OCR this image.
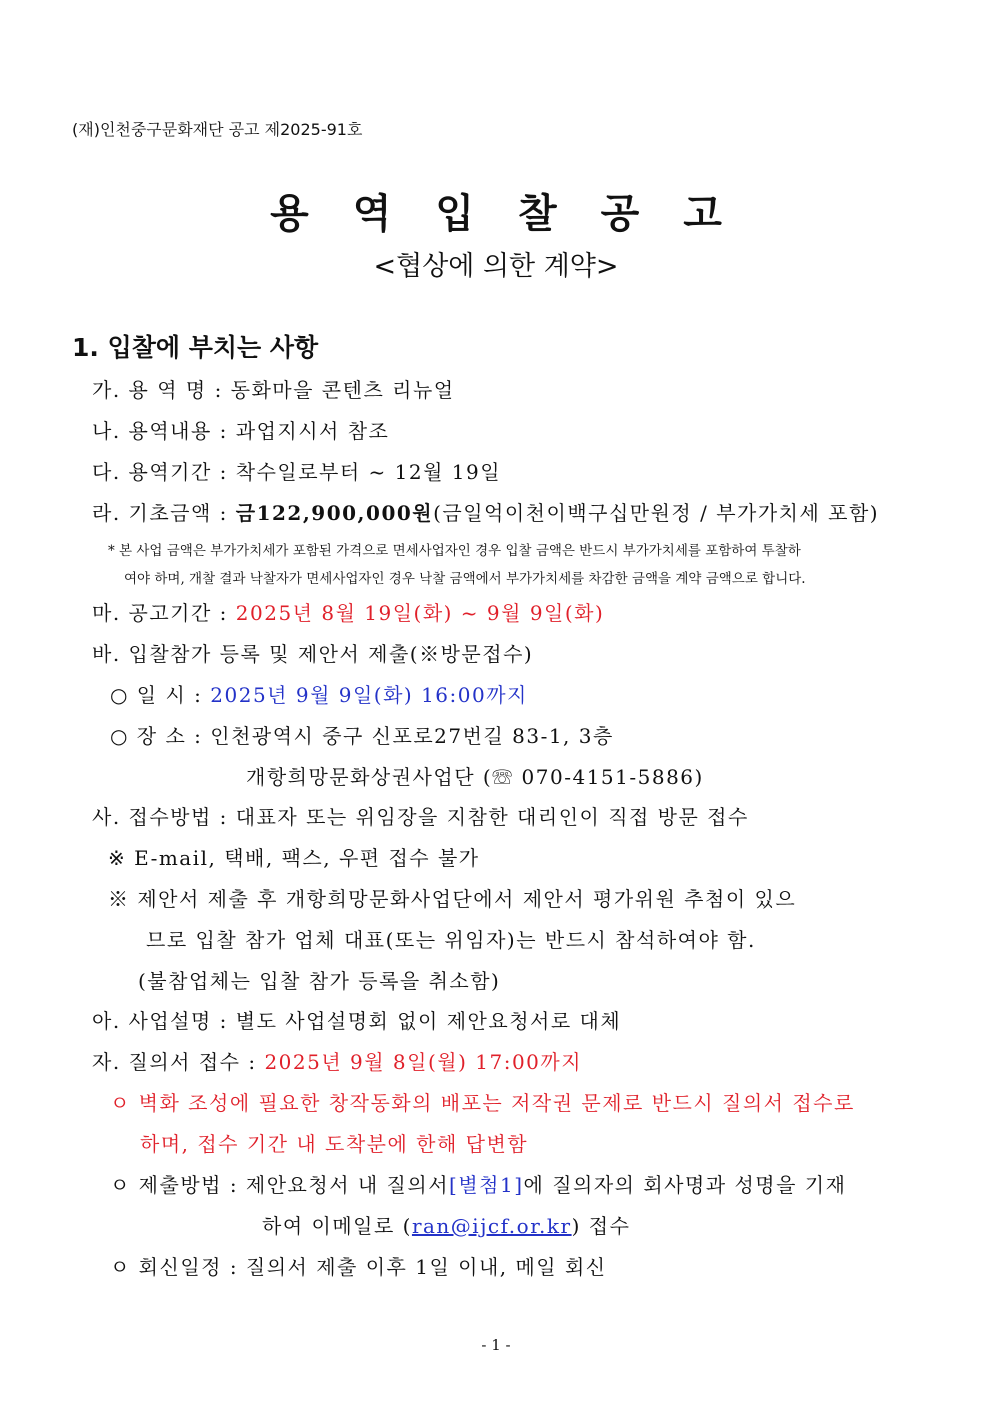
(재)인천중구문화재단 공고 제2025-91호
용역입찰공고
<협상에 의한 계약>
1. 입찰에 부치는 사항
가. 용 역 명 : 동화마을 콘텐츠 리뉴얼
나. 용역내용 : 과업지시서 참조
다. 용역기간 : 착수일로부터 ~ 12월 19일
라. 기초금액 : 금122,900,000원(금일억이천이백구십만원정 / 부가가치세 포함)
* 본 사업 금액은 부가가치세가 포함된 가격으로 면세사업자인 경우 입찰 금액은 반드시 부가가치세를 포함하여 투찰하
여야 하며, 개찰 결과 낙찰자가 면세사업자인 경우 낙찰 금액에서 부가가치세를 차감한 금액을 계약 금액으로 합니다.
마. 공고기간 : 2025년 8월 19일(화) ~ 9월 9일(화)
바. 입찰참가 등록 및 제안서 제출(※방문접수)
○ 일 시 : 2025년 9월 9일(화) 16:00까지
○ 장 소 : 인천광역시 중구 신포로27번길 83-1, 3층
개항희망문화상권사업단 (☏ 070-4151-5886)
사. 접수방법 : 대표자 또는 위임장을 지참한 대리인이 직접 방문 접수
※ E-mail, 택배, 팩스, 우편 접수 불가
※ 제안서 제출 후 개항희망문화사업단에서 제안서 평가위원 추첨이 있으
므로 입찰 참가 업체 대표(또는 위임자)는 반드시 참석하여야 함.
(불참업체는 입찰 참가 등록을 취소함)
아. 사업설명 : 별도 사업설명회 없이 제안요청서로 대체
자. 질의서 접수 : 2025년 9월 8일(월) 17:00까지
ㅇ 벽화 조성에 필요한 창작동화의 배포는 저작권 문제로 반드시 질의서 접수로
하며, 접수 기간 내 도착분에 한해 답변함
ㅇ 제출방법 : 제안요청서 내 질의서[별첨1]에 질의자의 회사명과 성명을 기재
하여 이메일로 (ran@ijcf.or.kr) 접수
ㅇ 회신일정 : 질의서 제출 이후 1일 이내, 메일 회신
- 1 -
